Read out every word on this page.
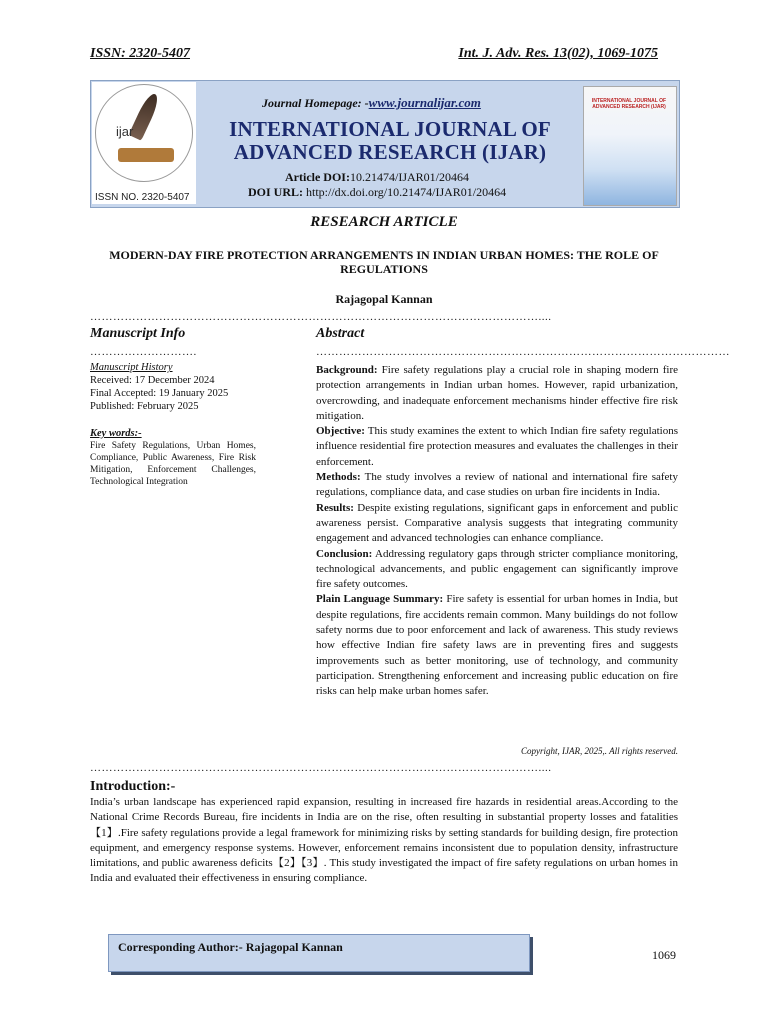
ISSN: 2320-5407	Int. J. Adv. Res. 13(02), 1069-1075
ijar
ISSN NO. 2320-5407
Journal Homepage: -www.journalijar.com
INTERNATIONAL JOURNAL OF
ADVANCED RESEARCH (IJAR)
Article DOI:10.21474/IJAR01/20464
DOI URL: http://dx.doi.org/10.21474/IJAR01/20464
INTERNATIONAL JOURNAL OF ADVANCED RESEARCH (IJAR)
RESEARCH ARTICLE
MODERN-DAY FIRE PROTECTION ARRANGEMENTS IN INDIAN URBAN HOMES: THE ROLE OF REGULATIONS
Rajagopal Kannan
………………………………………………………………………………………………………....
Manuscript Info	Abstract
……………………….	………………………………………………………………………………………………
Manuscript History
Received: 17 December 2024
Final Accepted: 19 January 2025
Published: February 2025
Key words:-
Fire Safety Regulations, Urban Homes, Compliance, Public Awareness, Fire Risk Mitigation, Enforcement Challenges, Technological Integration

Background: Fire safety regulations play a crucial role in shaping modern fire protection arrangements in Indian urban homes. However, rapid urbanization, overcrowding, and inadequate enforcement mechanisms hinder effective fire risk mitigation.

Objective: This study examines the extent to which Indian fire safety regulations influence residential fire protection measures and evaluates the challenges in their enforcement.

Methods: The study involves a review of national and international fire safety regulations, compliance data, and case studies on urban fire incidents in India.

Results: Despite existing regulations, significant gaps in enforcement and public awareness persist. Comparative analysis suggests that integrating community engagement and advanced technologies can enhance compliance.

Conclusion: Addressing regulatory gaps through stricter compliance monitoring, technological advancements, and public engagement can significantly improve fire safety outcomes.

Plain Language Summary: Fire safety is essential for urban homes in India, but despite regulations, fire accidents remain common. Many buildings do not follow safety norms due to poor enforcement and lack of awareness. This study reviews how effective Indian fire safety laws are in preventing fires and suggests improvements such as better monitoring, use of technology, and community participation. Strengthening enforcement and increasing public education on fire risks can help make urban homes safer.

Copyright, IJAR, 2025,. All rights reserved.
………………………………………………………………………………………………………....
Introduction:-
India’s urban landscape has experienced rapid expansion, resulting in increased fire hazards in residential areas.According to the National Crime Records Bureau, fire incidents in India are on the rise, often resulting in substantial property losses and fatalities【1】.Fire safety regulations provide a legal framework for minimizing risks by setting standards for building design, fire protection equipment, and emergency response systems. However, enforcement remains inconsistent due to population density, infrastructure limitations, and public awareness deficits【2】【3】. This study investigated the impact of fire safety regulations on urban homes in India and evaluated their effectiveness in ensuring compliance.
Corresponding Author:- Rajagopal Kannan
1069
